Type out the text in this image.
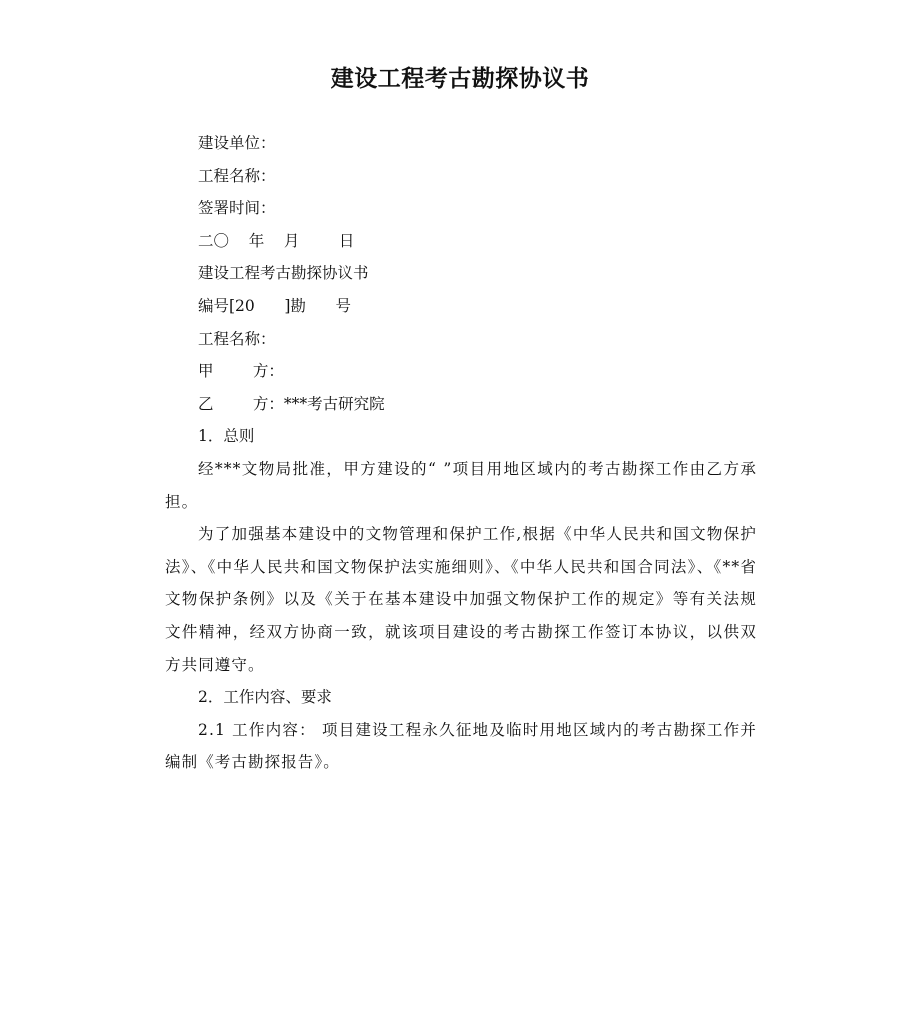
建设工程考古勘探协议书
建设单位：
工程名称：
签署时间：
二〇    年    月        日
建设工程考古勘探协议书
编号[20      ]勘      号
工程名称：
甲        方：
乙        方：***考古研究院
1．总则
经***文物局批准，甲方建设的“ ”项目用地区域内的考古勘探工作由乙方承担。
为了加强基本建设中的文物管理和保护工作,根据《中华人民共和国文物保护法》、《中华人民共和国文物保护法实施细则》、《中华人民共和国合同法》、《**省文物保护条例》以及《关于在基本建设中加强文物保护工作的规定》等有关法规文件精神，经双方协商一致，就该项目建设的考古勘探工作签订本协议，以供双方共同遵守。
2．工作内容、要求
2.1 工作内容： 项目建设工程永久征地及临时用地区域内的考古勘探工作并编制《考古勘探报告》。
